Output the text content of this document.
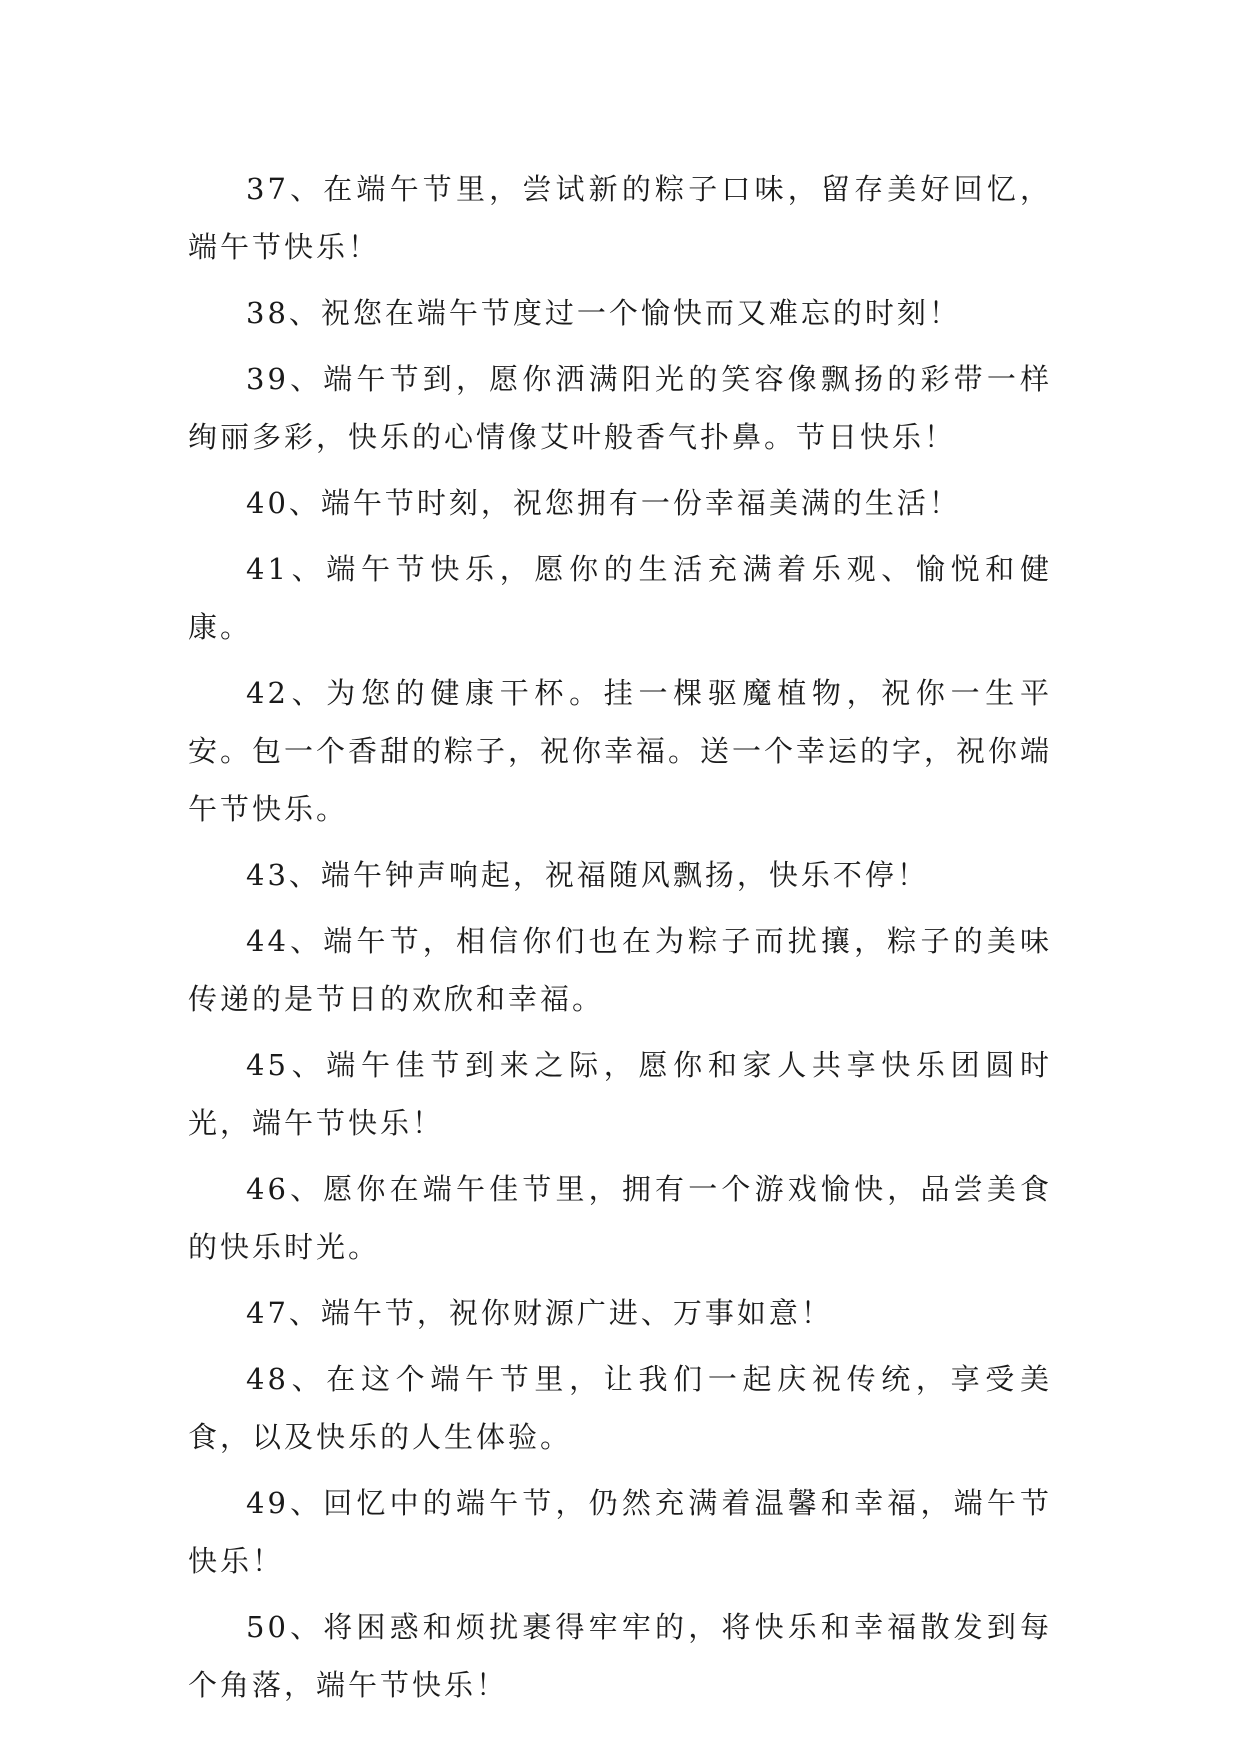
37、在端午节里，尝试新的粽子口味，留存美好回忆，端午节快乐！

38、祝您在端午节度过一个愉快而又难忘的时刻！

39、端午节到，愿你洒满阳光的笑容像飘扬的彩带一样绚丽多彩，快乐的心情像艾叶般香气扑鼻。节日快乐！

40、端午节时刻，祝您拥有一份幸福美满的生活！

41、端午节快乐，愿你的生活充满着乐观、愉悦和健康。

42、为您的健康干杯。挂一棵驱魔植物，祝你一生平安。包一个香甜的粽子，祝你幸福。送一个幸运的字，祝你端午节快乐。

43、端午钟声响起，祝福随风飘扬，快乐不停！

44、端午节，相信你们也在为粽子而扰攘，粽子的美味传递的是节日的欢欣和幸福。

45、端午佳节到来之际，愿你和家人共享快乐团圆时光，端午节快乐！

46、愿你在端午佳节里，拥有一个游戏愉快，品尝美食的快乐时光。

47、端午节，祝你财源广进、万事如意！

48、在这个端午节里，让我们一起庆祝传统，享受美食，以及快乐的人生体验。

49、回忆中的端午节，仍然充满着温馨和幸福，端午节快乐！

50、将困惑和烦扰裹得牢牢的，将快乐和幸福散发到每个角落，端午节快乐！
